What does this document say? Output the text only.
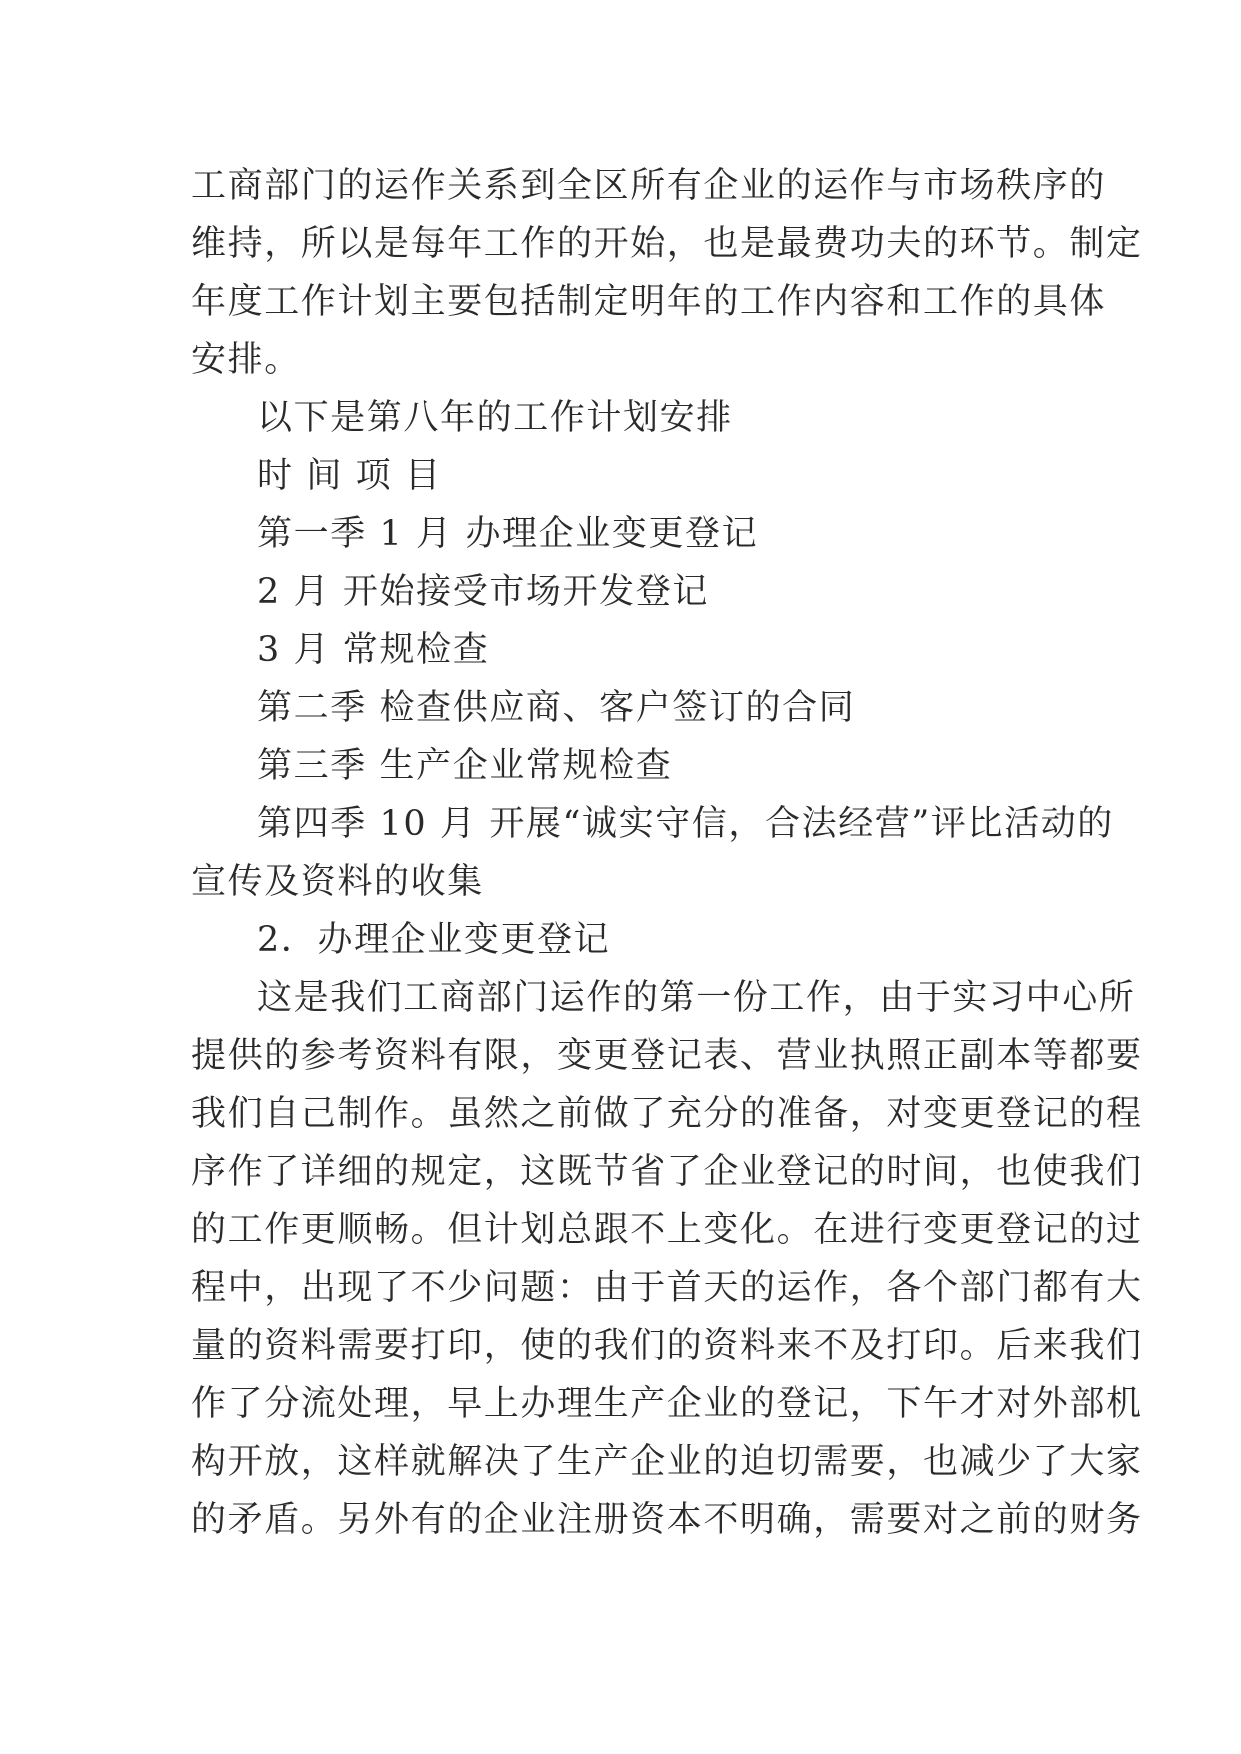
工商部门的运作关系到全区所有企业的运作与市场秩序的
维持，所以是每年工作的开始，也是最费功夫的环节。制定
年度工作计划主要包括制定明年的工作内容和工作的具体
安排。
以下是第八年的工作计划安排
时 间 项 目
第一季 1 月 办理企业变更登记
2 月 开始接受市场开发登记
3 月 常规检查
第二季 检查供应商、客户签订的合同
第三季 生产企业常规检查
第四季 10 月 开展“诚实守信，合法经营”评比活动的
宣传及资料的收集
2．办理企业变更登记
这是我们工商部门运作的第一份工作，由于实习中心所
提供的参考资料有限，变更登记表、营业执照正副本等都要
我们自己制作。虽然之前做了充分的准备，对变更登记的程
序作了详细的规定，这既节省了企业登记的时间，也使我们
的工作更顺畅。但计划总跟不上变化。在进行变更登记的过
程中，出现了不少问题：由于首天的运作，各个部门都有大
量的资料需要打印，使的我们的资料来不及打印。后来我们
作了分流处理，早上办理生产企业的登记，下午才对外部机
构开放，这样就解决了生产企业的迫切需要，也减少了大家
的矛盾。另外有的企业注册资本不明确，需要对之前的财务
